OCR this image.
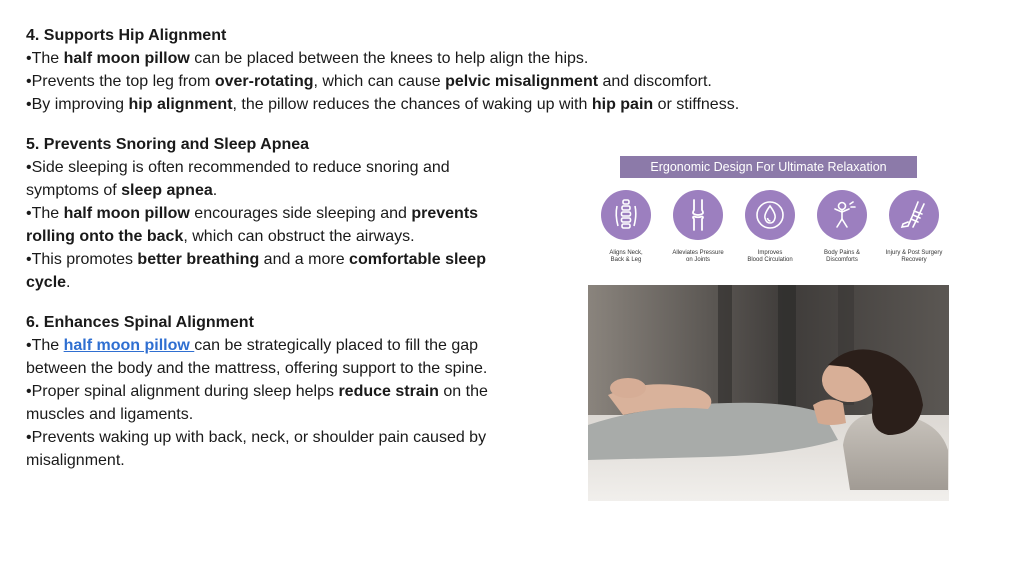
4. Supports Hip Alignment

•The half moon pillow can be placed between the knees to help align the hips.

•Prevents the top leg from over-rotating, which can cause pelvic misalignment and discomfort.

•By improving hip alignment, the pillow reduces the chances of waking up with hip pain or stiffness.

5. Prevents Snoring and Sleep Apnea

•Side sleeping is often recommended to reduce snoring and symptoms of sleep apnea.

•The half moon pillow encourages side sleeping and prevents rolling onto the back, which can obstruct the airways.

•This promotes better breathing and a more comfortable sleep cycle.

6. Enhances Spinal Alignment

•The half moon pillow can be strategically placed to fill the gap between the body and the mattress, offering support to the spine.

•Proper spinal alignment during sleep helps reduce strain on the muscles and ligaments.

•Prevents waking up with back, neck, or shoulder pain caused by misalignment.

Ergonomic Design For Ultimate Relaxation
Aligns Neck,
Back & Leg
Alleviates Pressure
on Joints
Improves
Blood Circulation
Body Pains &
Discomforts
Injury & Post Surgery
Recovery
